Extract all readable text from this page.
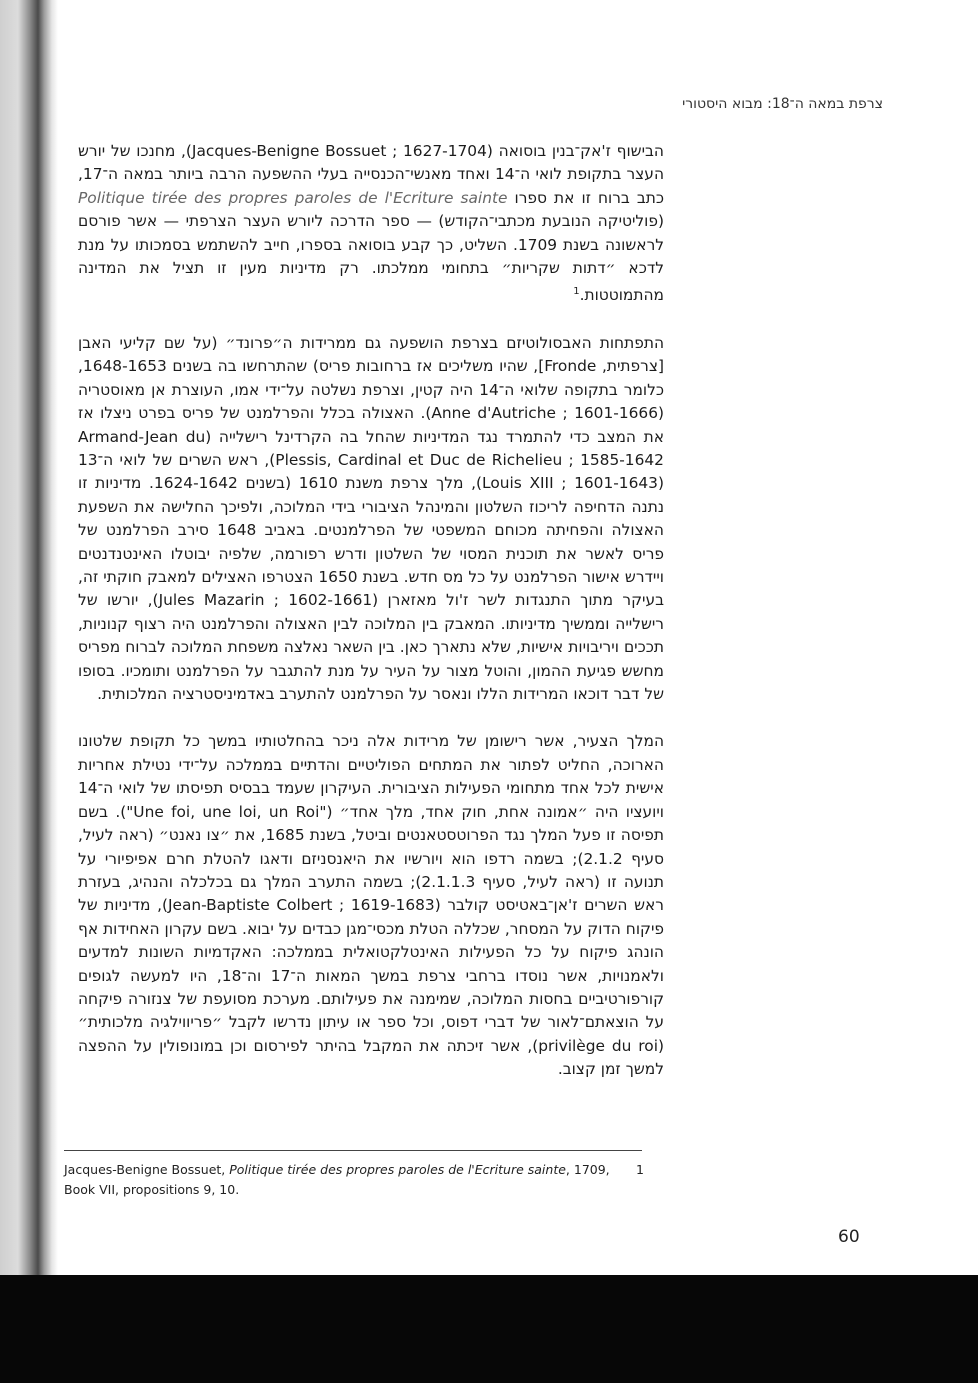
צרפת במאה ה־18: מבוא היסטורי

הבישוף ז'אק־בנין בוסואה (Jacques-Benigne Bossuet ; 1627-1704), מחנכו של יורש העצר בתקופת לואי ה־14 ואחד מאנשי־הכנסייה בעלי ההשפעה הרבה ביותר במאה ה־17, כתב ברוח זו את ספרו Politique tirée des propres paroles de l'Ecriture sainte (פוליטיקה הנובעת מכתבי־הקודש) — ספר הדרכה ליורש העצר הצרפתי — אשר פורסם לראשונה בשנת 1709. השליט, כך קבע בוסואה בספרו, חייב להשתמש בסמכותו על מנת לדכא ״דתות שקריות״ בתחומי ממלכתו. רק מדיניות מעין זו תציל את המדינה מהתמוטטות.$^1$

התפתחות האבסולוטיזם בצרפת הושפעה גם ממרידות ה״פרונד״ (על שם קליעי האבן [צרפתית, Fronde], שהיו משליכים אז ברחובות פריס) שהתרחשו בה בשנים 1648-1653, כלומר בתקופה שלואי ה־14 היה קטין, וצרפת נשלטה על־ידי אמו, העוצרת אן מאוסטריה (Anne d'Autriche ; 1601-1666). האצולה בכלל והפרלמנט של פריס בפרט ניצלו אז את המצב כדי להתמרד נגד המדיניות שהחל בה הקרדינל רישלייה (Armand-Jean du Plessis, Cardinal et Duc de Richelieu ; 1585-1642), ראש השרים של לואי ה־13 (Louis XIII ; 1601-1643), מלך צרפת משנת 1610 (בשנים 1624-1642. מדיניות זו נתנה הדחיפה לריכוז השלטון והמינהל הציבורי בידי המלוכה, ולפיכך החלישה את השפעת האצולה והפחיתה מכוחם המשפטי של הפרלמנטים. באביב 1648 סירב הפרלמנט של פריס לאשר את תוכנית המסוי של השלטון ודרש רפורמה, שלפיה יבוטלו האינטנדנטים ויידרש אישור הפרלמנט על כל מס חדש. בשנת 1650 הצטרפו האצילים למאבק חוקתי זה, בעיקר מתוך התנגדות לשר ז'ול מאזארן (Jules Mazarin ; 1602-1661), יורשו של רישלייה וממשיך מדיניותו. המאבק בין המלוכה לבין האצולה והפרלמנט היה רצוף קנוניות, תככים ויריבויות אישיות, שלא נתארך כאן. בין השאר נאלצה משפחת המלוכה לברוח מפריס מחשש פגיעת ההמון, והוטל מצור על העיר על מנת להתגבר על הפרלמנט ותומכיו. בסופו של דבר דוכאו המרידות הללו ונאסר על הפרלמנט להתערב באדמיניסטרציה המלכותית.

המלך הצעיר, אשר רישומן של מרידות אלה ניכר בהחלטותיו במשך כל תקופת שלטונו הארוכה, החליט לפתור את המתחים הפוליטיים והדתיים בממלכה על־ידי נטילת אחריות אישית לכל אחד מתחומי הפעילות הציבורית. העיקרון שעמד בבסיס תפיסתו של לואי ה־14 ויועציו היה ״אמונה אחת, חוק אחד, מלך אחד״ ("Une foi, une loi, un Roi"). בשם תפיסה זו פעל המלך נגד הפרוטסטאנטים וביטל, בשנת 1685, את ״צו נאנט״ (ראה לעיל, סעיף 2.1.2); בשמה רדפו הוא ויורשיו את היאנסניזם ודאגו להטלת חרם אפיפיורי על תנועה זו (ראה לעיל, סעיף 2.1.1.3); בשמה התערב המלך גם בכלכלה והנהיג, בעזרת ראש השרים ז'אן־באטיסט קולבר (Jean-Baptiste Colbert ; 1619-1683), מדיניות של פיקוח הדוק על המסחר, שכללה הטלת מכסי־מגן כבדים על יבוא. בשם עקרון האחידות אף הונהג פיקוח על כל הפעילות האינטלקטואלית בממלכה: האקדמיות השונות למדעים ולאמנויות, אשר נוסדו ברחבי צרפת במשך המאות ה־17 וה־18, היו למעשה לגופים קורפורטיביים בחסות המלוכה, שמימנה את פעילותם. מערכת מסועפת של צנזורה פיקחה על הוצאתם־לאור של דברי דפוס, וכל ספר או עיתון נדרשו לקבל ״פריווילגיה מלכותית״ (privilège du roi), אשר זיכתה את המקבל בהיתר לפירסום וכן במונופולין על ההפצה למשך זמן קצוב.

1
Jacques-Benigne Bossuet, Politique tirée des propres paroles de l'Ecriture sainte, 1709, Book VII, propositions 9, 10.
60
